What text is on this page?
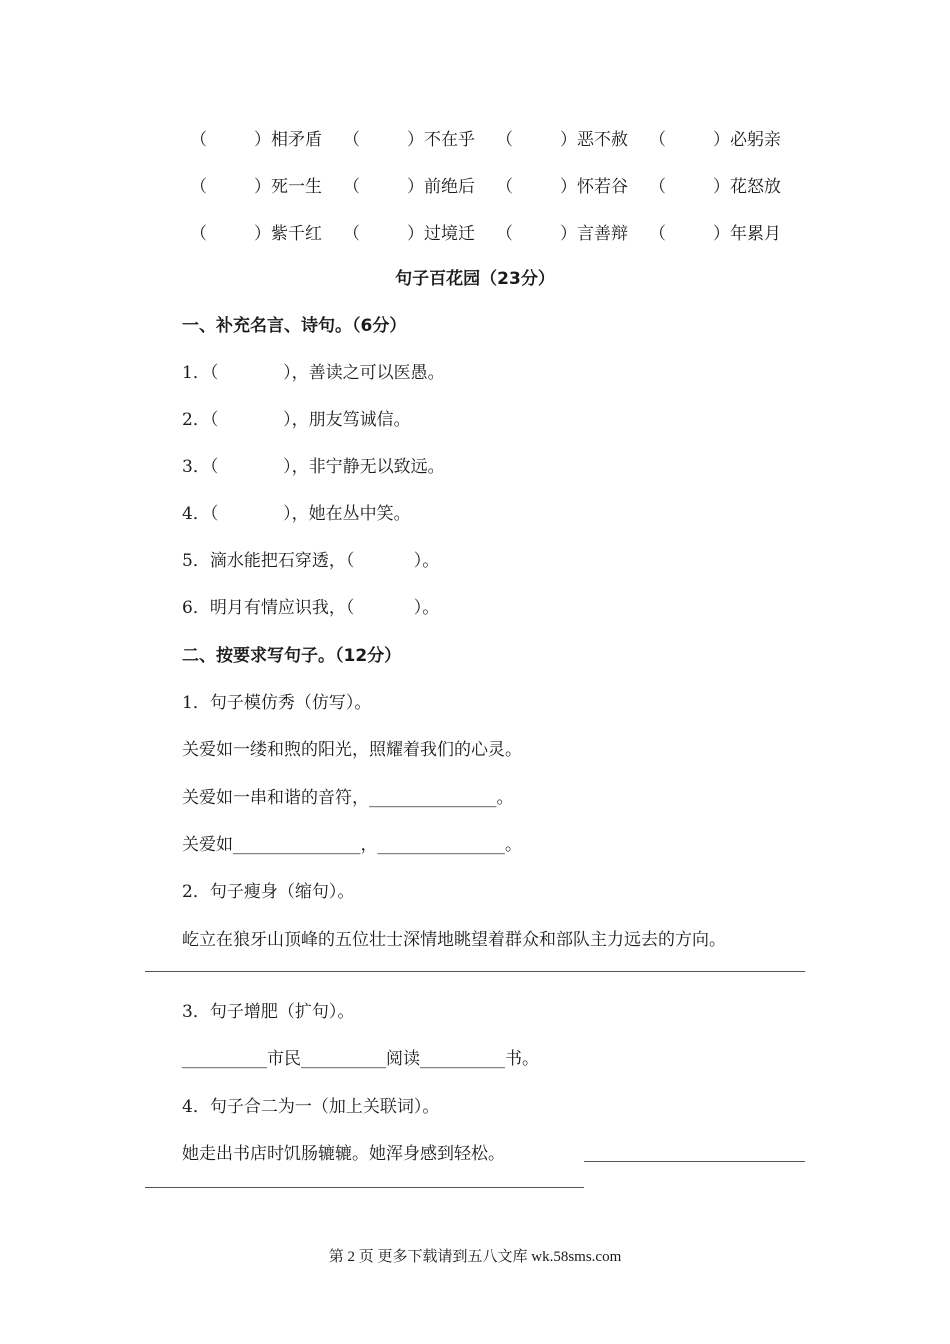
（	）相矛盾 （	）不在乎 （	）恶不赦 （	）必躬亲
（	）死一生 （	）前绝后 （	）怀若谷 （	）花怒放
（	）紫千红 （	）过境迁 （	）言善辩 （	）年累月
句子百花园（23分）
一、补充名言、诗句。（6分）
1．（            ），善读之可以医愚。
2．（            ），朋友笃诚信。
3．（            ），非宁静无以致远。
4．（            ），她在丛中笑。
5．滴水能把石穿透，（           ）。
6．明月有情应识我，（           ）。
二、按要求写句子。（12分）
1．句子模仿秀（仿写）。
关爱如一缕和煦的阳光，照耀着我们的心灵。
关爱如一串和谐的音符，_______________。
关爱如_______________，_______________。
2．句子瘦身（缩句）。
屹立在狼牙山顶峰的五位壮士深情地眺望着群众和部队主力远去的方向。
3．句子增肥（扩句）。
__________市民__________阅读__________书。
4．句子合二为一（加上关联词）。
她走出书店时饥肠辘辘。她浑身感到轻松。
第 2 页 更多下载请到五八文库 wk.58sms.com
